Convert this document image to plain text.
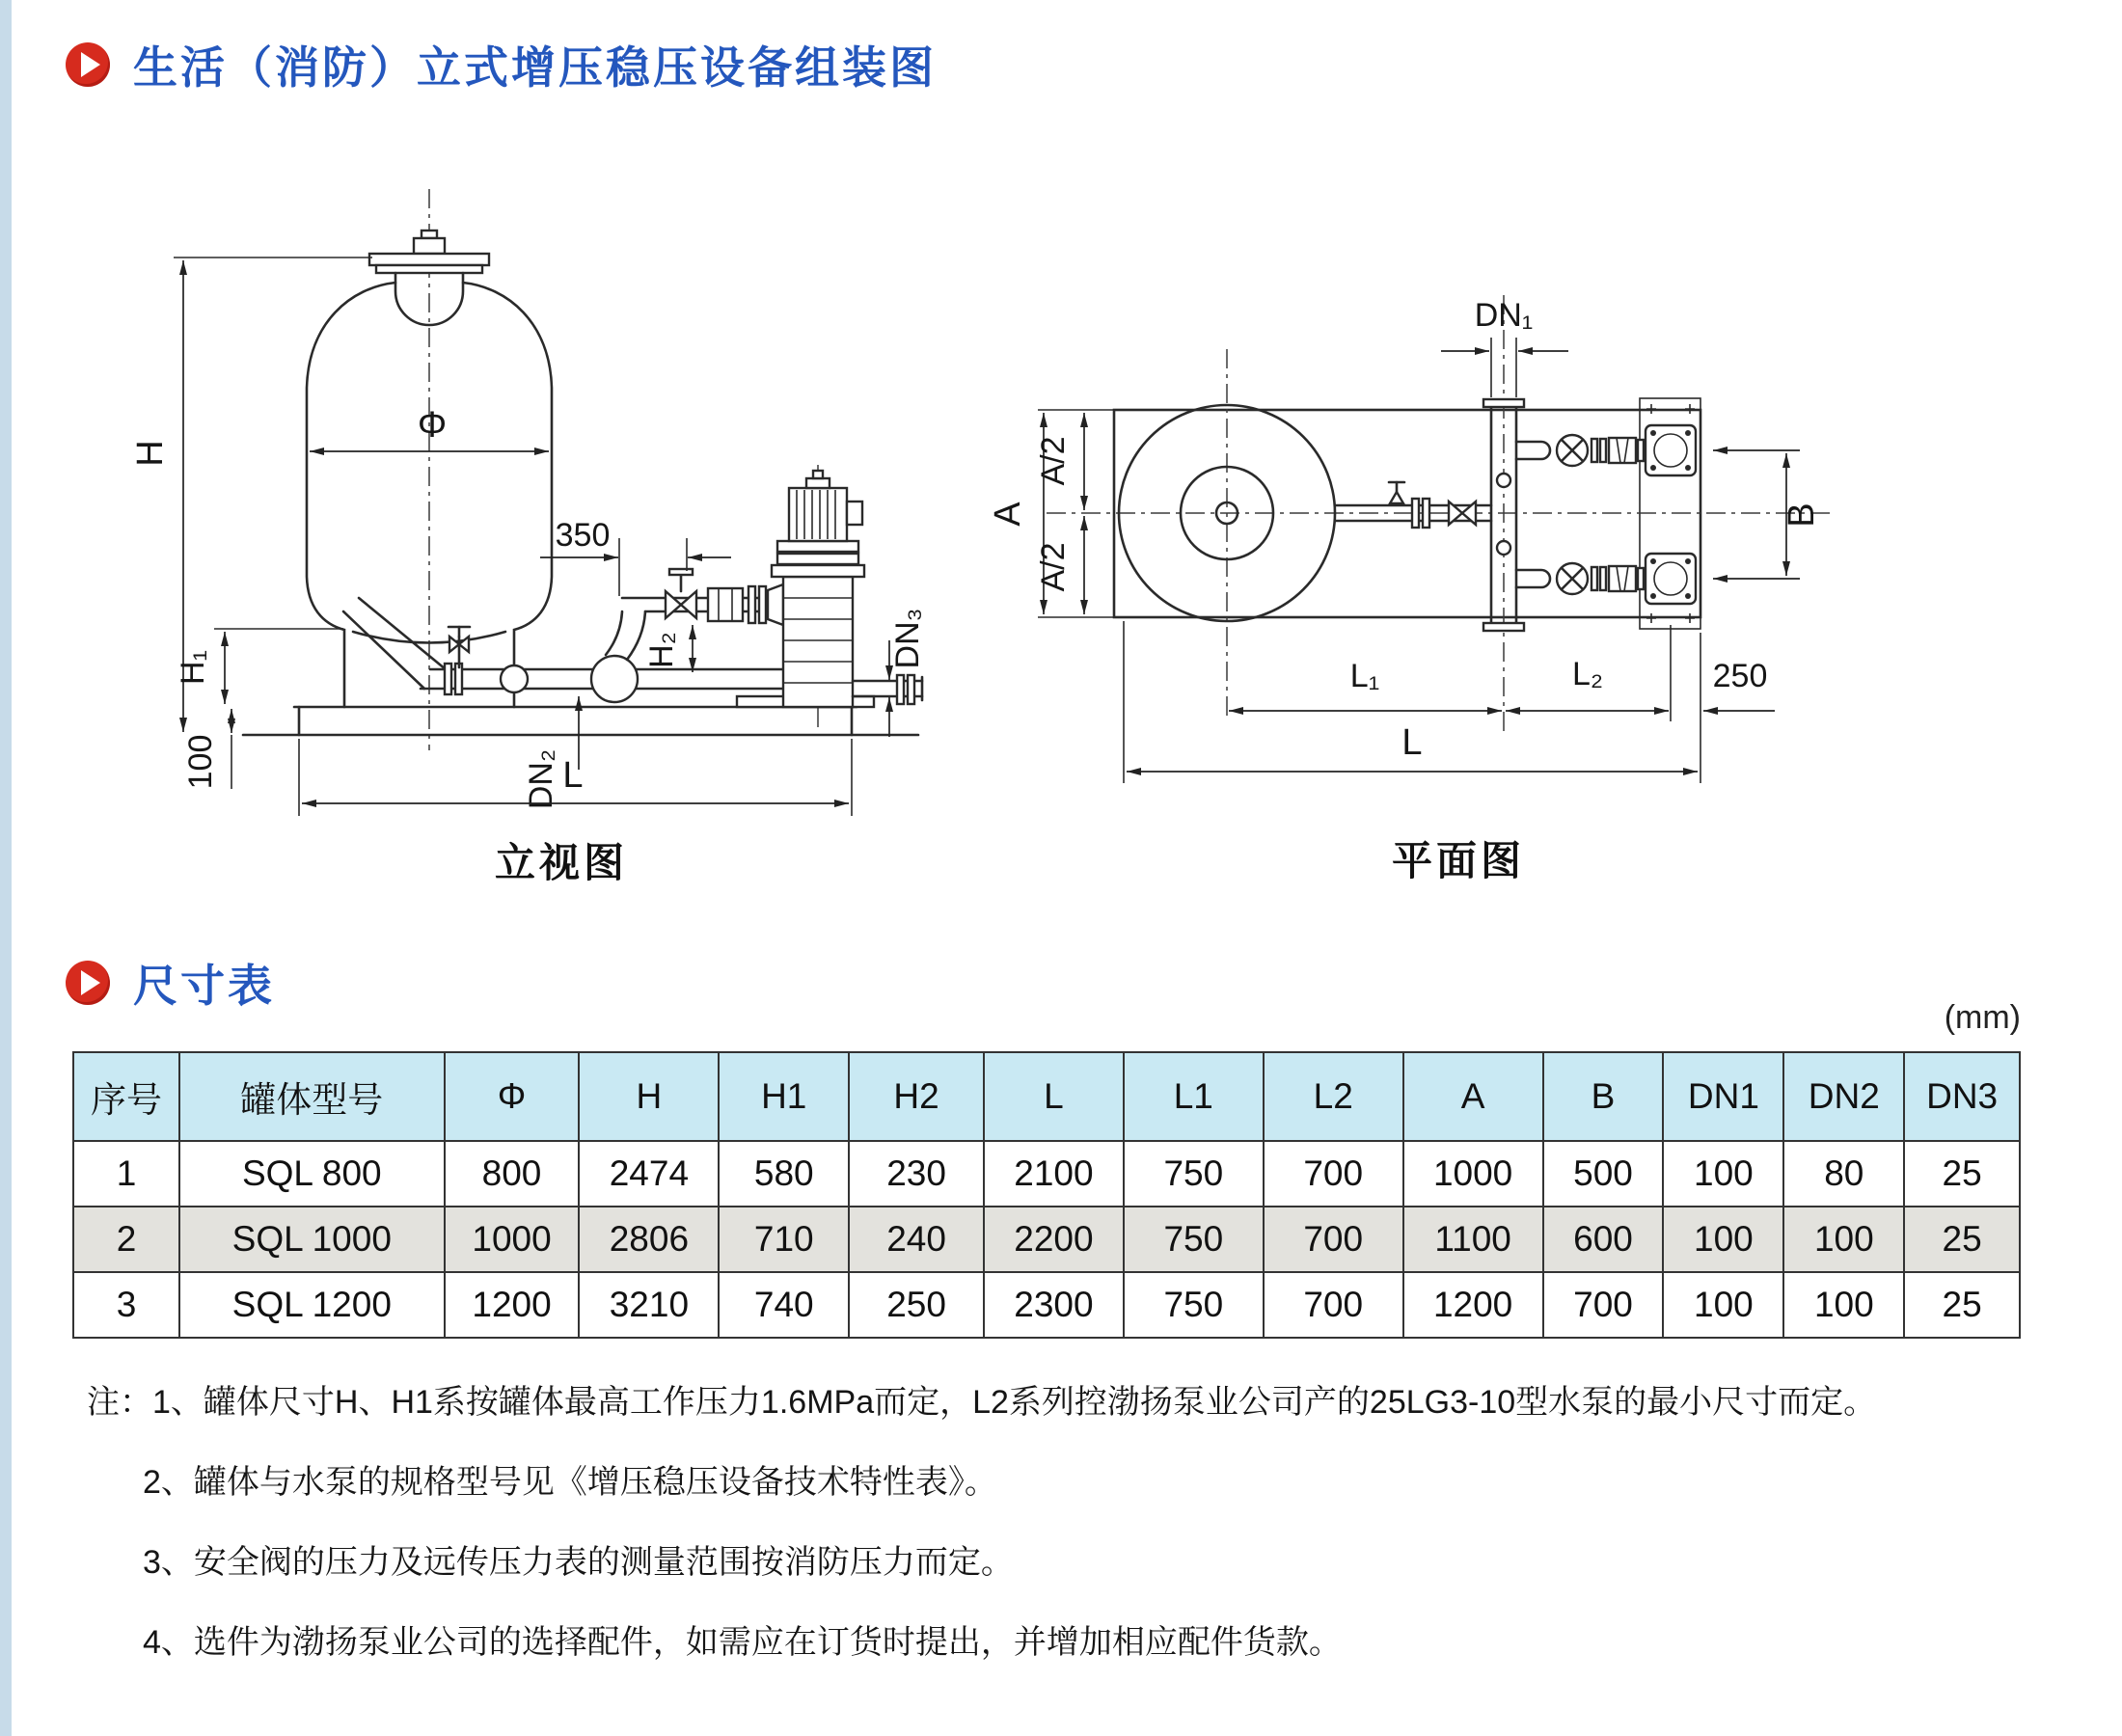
生活（消防）立式增压稳压设备组装图
H
H₁
100
Φ
350
H₂
DN₂
DN₃
L
DN₁
A
A/2
A/2
B
L₁	L₂	250
L
立视图	平面图
尺寸表
(mm)
序号	罐体型号	Φ	H	H1	H2	L	L1	L2	A	B	DN1	DN2	DN3
1	SQL 800	800	2474	580	230	2100	750	700	1000	500	100	80	25
2	SQL 1000	1000	2806	710	240	2200	750	700	1100	600	100	100	25
3	SQL 1200	1200	3210	740	250	2300	750	700	1200	700	100	100	25
注：1、罐体尺寸H、H1系按罐体最高工作压力1.6MPa而定，L2系列控渤扬泵业公司产的25LG3-10型水泵的最小尺寸而定。
2、罐体与水泵的规格型号见《增压稳压设备技术特性表》。
3、安全阀的压力及远传压力表的测量范围按消防压力而定。
4、选件为渤扬泵业公司的选择配件，如需应在订货时提出，并增加相应配件货款。
